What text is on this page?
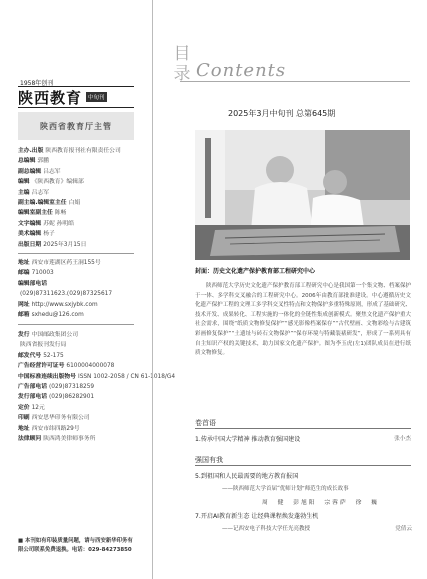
1958年创刊
陕西教育	中旬刊
陕西省教育厅主管
主办.出版 陕西教育报刊社有限责任公司
总编辑 郭鹏
副总编辑 吕志军
编辑 《陕西教育》编辑部
主编 吕志军
副主编.编辑室主任 白娟
编辑室副主任 陈畅
文字编辑 苏妮 孙明皓
美术编辑 杨子
出版日期 2025年3月15日
地址 西安市莲湖区药王洞155号
邮编 710003
编辑部电话
(029)87311623.(029)87325617
网址 http://www.sxjybk.com
邮箱 sxhedu@126.com
发行 中国邮政集团公司
陕西省报刊发行局
邮发代号 52-175
广告经营许可证号 6100004000078
中国标准连续出版物号 ISSN 1002-2058 / CN 61-1018/G4
广告部电话 (029)87318259
发行部电话 (029)86282901
定价 12元
印刷 西安思华印务有限公司
地址 西安市纬四路29号
法律顾问 陕西鸿美律师事务所
■ 本刊如有印装质量问题，请与西安新华印务有限公司联系免费退换。电话：029-84273850
目录 Contents
2025年3月中旬刊 总第645期
封面：历史文化遗产保护教育部工程研究中心
陕西师范大学历史文化遗产保护教育部工程研究中心是我国第一个集文物、档案保护于一体、多学科交叉融合的工程研究中心。2006年由教育部批准建设。中心遵循历史文化遗产保护工程的文理工多学科交叉性特点和文物保护多重特殊原则，形成了基础研究、技术开发、成果转化、工程实施的一体化的全链性集成创新模式。聚焦文化遗产保护重大社会需求，围绕“纸质文物修复保护”“感光影像档案保存”“古代壁画、文物彩绘与古建筑彩画修复保护”“土遗址与砖石文物保护”“保存环境与特藏装裱研发”，形成了一系列具有自主知识产权的关键技术，助力国家文化遗产保护。图为李玉虎(左1)团队成员在进行纸质文物修复。
卷首语
1.传承中国大学精神 推动教育强国建设	张小杰
强国有我
5.到祖国和人民最需要的地方教育报国
——陕西师范大学首届“优师计划”师范生的成长故事
周　健　彭旭阳　宗蓉萨　徐　巍
7.开启AI教育新生态 让经典课程焕发蓬勃生机
——记西安电子科技大学任光亮教授	党倩云
